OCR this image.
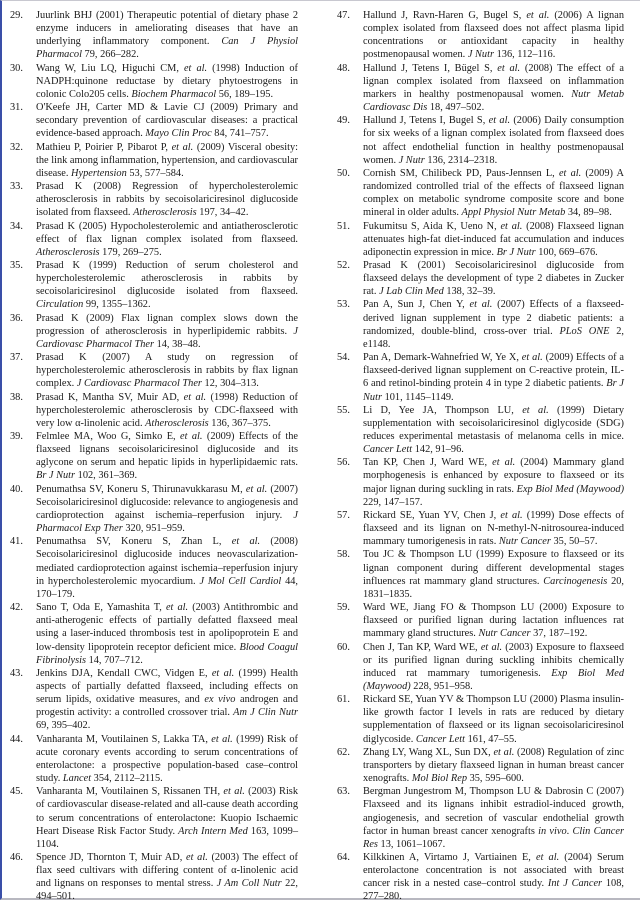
29.	Juurlink BHJ (2001) Therapeutic potential of dietary phase 2 enzyme inducers in ameliorating diseases that have an underlying inflammatory component. Can J Physiol Pharmacol 79, 266–282.
30.	Wang W, Liu LQ, Higuchi CM, et al. (1998) Induction of NADPH:quinone reductase by dietary phytoestrogens in colonic Colo205 cells. Biochem Pharmacol 56, 189–195.
31.	O'Keefe JH, Carter MD & Lavie CJ (2009) Primary and secondary prevention of cardiovascular diseases: a practical evidence-based approach. Mayo Clin Proc 84, 741–757.
32.	Mathieu P, Poirier P, Pibarot P, et al. (2009) Visceral obesity: the link among inflammation, hypertension, and cardiovascular disease. Hypertension 53, 577–584.
33.	Prasad K (2008) Regression of hypercholesterolemic atherosclerosis in rabbits by secoisolariciresinol diglucoside isolated from flaxseed. Atherosclerosis 197, 34–42.
34.	Prasad K (2005) Hypocholesterolemic and antiatherosclerotic effect of flax lignan complex isolated from flaxseed. Atherosclerosis 179, 269–275.
35.	Prasad K (1999) Reduction of serum cholesterol and hypercholesterolemic atherosclerosis in rabbits by secoisolariciresinol diglucoside isolated from flaxseed. Circulation 99, 1355–1362.
36.	Prasad K (2009) Flax lignan complex slows down the progression of atherosclerosis in hyperlipidemic rabbits. J Cardiovasc Pharmacol Ther 14, 38–48.
37.	Prasad K (2007) A study on regression of hypercholesterolemic atherosclerosis in rabbits by flax lignan complex. J Cardiovasc Pharmacol Ther 12, 304–313.
38.	Prasad K, Mantha SV, Muir AD, et al. (1998) Reduction of hypercholesterolemic atherosclerosis by CDC-flaxseed with very low α-linolenic acid. Atherosclerosis 136, 367–375.
39.	Felmlee MA, Woo G, Simko E, et al. (2009) Effects of the flaxseed lignans secoisolariciresinol diglucoside and its aglycone on serum and hepatic lipids in hyperlipidaemic rats. Br J Nutr 102, 361–369.
40.	Penumathsa SV, Koneru S, Thirunavukkarasu M, et al. (2007) Secoisolariciresinol diglucoside: relevance to angiogenesis and cardioprotection against ischemia–reperfusion injury. J Pharmacol Exp Ther 320, 951–959.
41.	Penumathsa SV, Koneru S, Zhan L, et al. (2008) Secoisolariciresinol diglucoside induces neovascularization-mediated cardioprotection against ischemia–reperfusion injury in hypercholesterolemic myocardium. J Mol Cell Cardiol 44, 170–179.
42.	Sano T, Oda E, Yamashita T, et al. (2003) Antithrombic and anti-atherogenic effects of partially defatted flaxseed meal using a laser-induced thrombosis test in apolipoprotein E and low-density lipoprotein receptor deficient mice. Blood Coagul Fibrinolysis 14, 707–712.
43.	Jenkins DJA, Kendall CWC, Vidgen E, et al. (1999) Health aspects of partially defatted flaxseed, including effects on serum lipids, oxidative measures, and ex vivo androgen and progestin activity: a controlled crossover trial. Am J Clin Nutr 69, 395–402.
44.	Vanharanta M, Voutilainen S, Lakka TA, et al. (1999) Risk of acute coronary events according to serum concentrations of enterolactone: a prospective population-based case–control study. Lancet 354, 2112–2115.
45.	Vanharanta M, Voutilainen S, Rissanen TH, et al. (2003) Risk of cardiovascular disease-related and all-cause death according to serum concentrations of enterolactone: Kuopio Ischaemic Heart Disease Risk Factor Study. Arch Intern Med 163, 1099–1104.
46.	Spence JD, Thornton T, Muir AD, et al. (2003) The effect of flax seed cultivars with differing content of α-linolenic acid and lignans on responses to mental stress. J Am Coll Nutr 22, 494–501.
47.	Hallund J, Ravn-Haren G, Bugel S, et al. (2006) A lignan complex isolated from flaxseed does not affect plasma lipid concentrations or antioxidant capacity in healthy postmenopausal women. J Nutr 136, 112–116.
48.	Hallund J, Tetens I, Bügel S, et al. (2008) The effect of a lignan complex isolated from flaxseed on inflammation markers in healthy postmenopausal women. Nutr Metab Cardiovasc Dis 18, 497–502.
49.	Hallund J, Tetens I, Bugel S, et al. (2006) Daily consumption for six weeks of a lignan complex isolated from flaxseed does not affect endothelial function in healthy postmenopausal women. J Nutr 136, 2314–2318.
50.	Cornish SM, Chilibeck PD, Paus-Jennsen L, et al. (2009) A randomized controlled trial of the effects of flaxseed lignan complex on metabolic syndrome composite score and bone mineral in older adults. Appl Physiol Nutr Metab 34, 89–98.
51.	Fukumitsu S, Aida K, Ueno N, et al. (2008) Flaxseed lignan attenuates high-fat diet-induced fat accumulation and induces adiponectin expression in mice. Br J Nutr 100, 669–676.
52.	Prasad K (2001) Secoisolariciresinol diglucoside from flaxseed delays the development of type 2 diabetes in Zucker rat. J Lab Clin Med 138, 32–39.
53.	Pan A, Sun J, Chen Y, et al. (2007) Effects of a flaxseed-derived lignan supplement in type 2 diabetic patients: a randomized, double-blind, cross-over trial. PLoS ONE 2, e1148.
54.	Pan A, Demark-Wahnefried W, Ye X, et al. (2009) Effects of a flaxseed-derived lignan supplement on C-reactive protein, IL-6 and retinol-binding protein 4 in type 2 diabetic patients. Br J Nutr 101, 1145–1149.
55.	Li D, Yee JA, Thompson LU, et al. (1999) Dietary supplementation with secoisolariciresinol diglycoside (SDG) reduces experimental metastasis of melanoma cells in mice. Cancer Lett 142, 91–96.
56.	Tan KP, Chen J, Ward WE, et al. (2004) Mammary gland morphogenesis is enhanced by exposure to flaxseed or its major lignan during suckling in rats. Exp Biol Med (Maywood) 229, 147–157.
57.	Rickard SE, Yuan YV, Chen J, et al. (1999) Dose effects of flaxseed and its lignan on N-methyl-N-nitrosourea-induced mammary tumorigenesis in rats. Nutr Cancer 35, 50–57.
58.	Tou JC & Thompson LU (1999) Exposure to flaxseed or its lignan component during different developmental stages influences rat mammary gland structures. Carcinogenesis 20, 1831–1835.
59.	Ward WE, Jiang FO & Thompson LU (2000) Exposure to flaxseed or purified lignan during lactation influences rat mammary gland structures. Nutr Cancer 37, 187–192.
60.	Chen J, Tan KP, Ward WE, et al. (2003) Exposure to flaxseed or its purified lignan during suckling inhibits chemically induced rat mammary tumorigenesis. Exp Biol Med (Maywood) 228, 951–958.
61.	Rickard SE, Yuan YV & Thompson LU (2000) Plasma insulin-like growth factor I levels in rats are reduced by dietary supplementation of flaxseed or its lignan secoisolariciresinol diglycoside. Cancer Lett 161, 47–55.
62.	Zhang LY, Wang XL, Sun DX, et al. (2008) Regulation of zinc transporters by dietary flaxseed lignan in human breast cancer xenografts. Mol Biol Rep 35, 595–600.
63.	Bergman Jungestrom M, Thompson LU & Dabrosin C (2007) Flaxseed and its lignans inhibit estradiol-induced growth, angiogenesis, and secretion of vascular endothelial growth factor in human breast cancer xenografts in vivo. Clin Cancer Res 13, 1061–1067.
64.	Kilkkinen A, Virtamo J, Vartiainen E, et al. (2004) Serum enterolactone concentration is not associated with breast cancer risk in a nested case–control study. Int J Cancer 108, 277–280.
